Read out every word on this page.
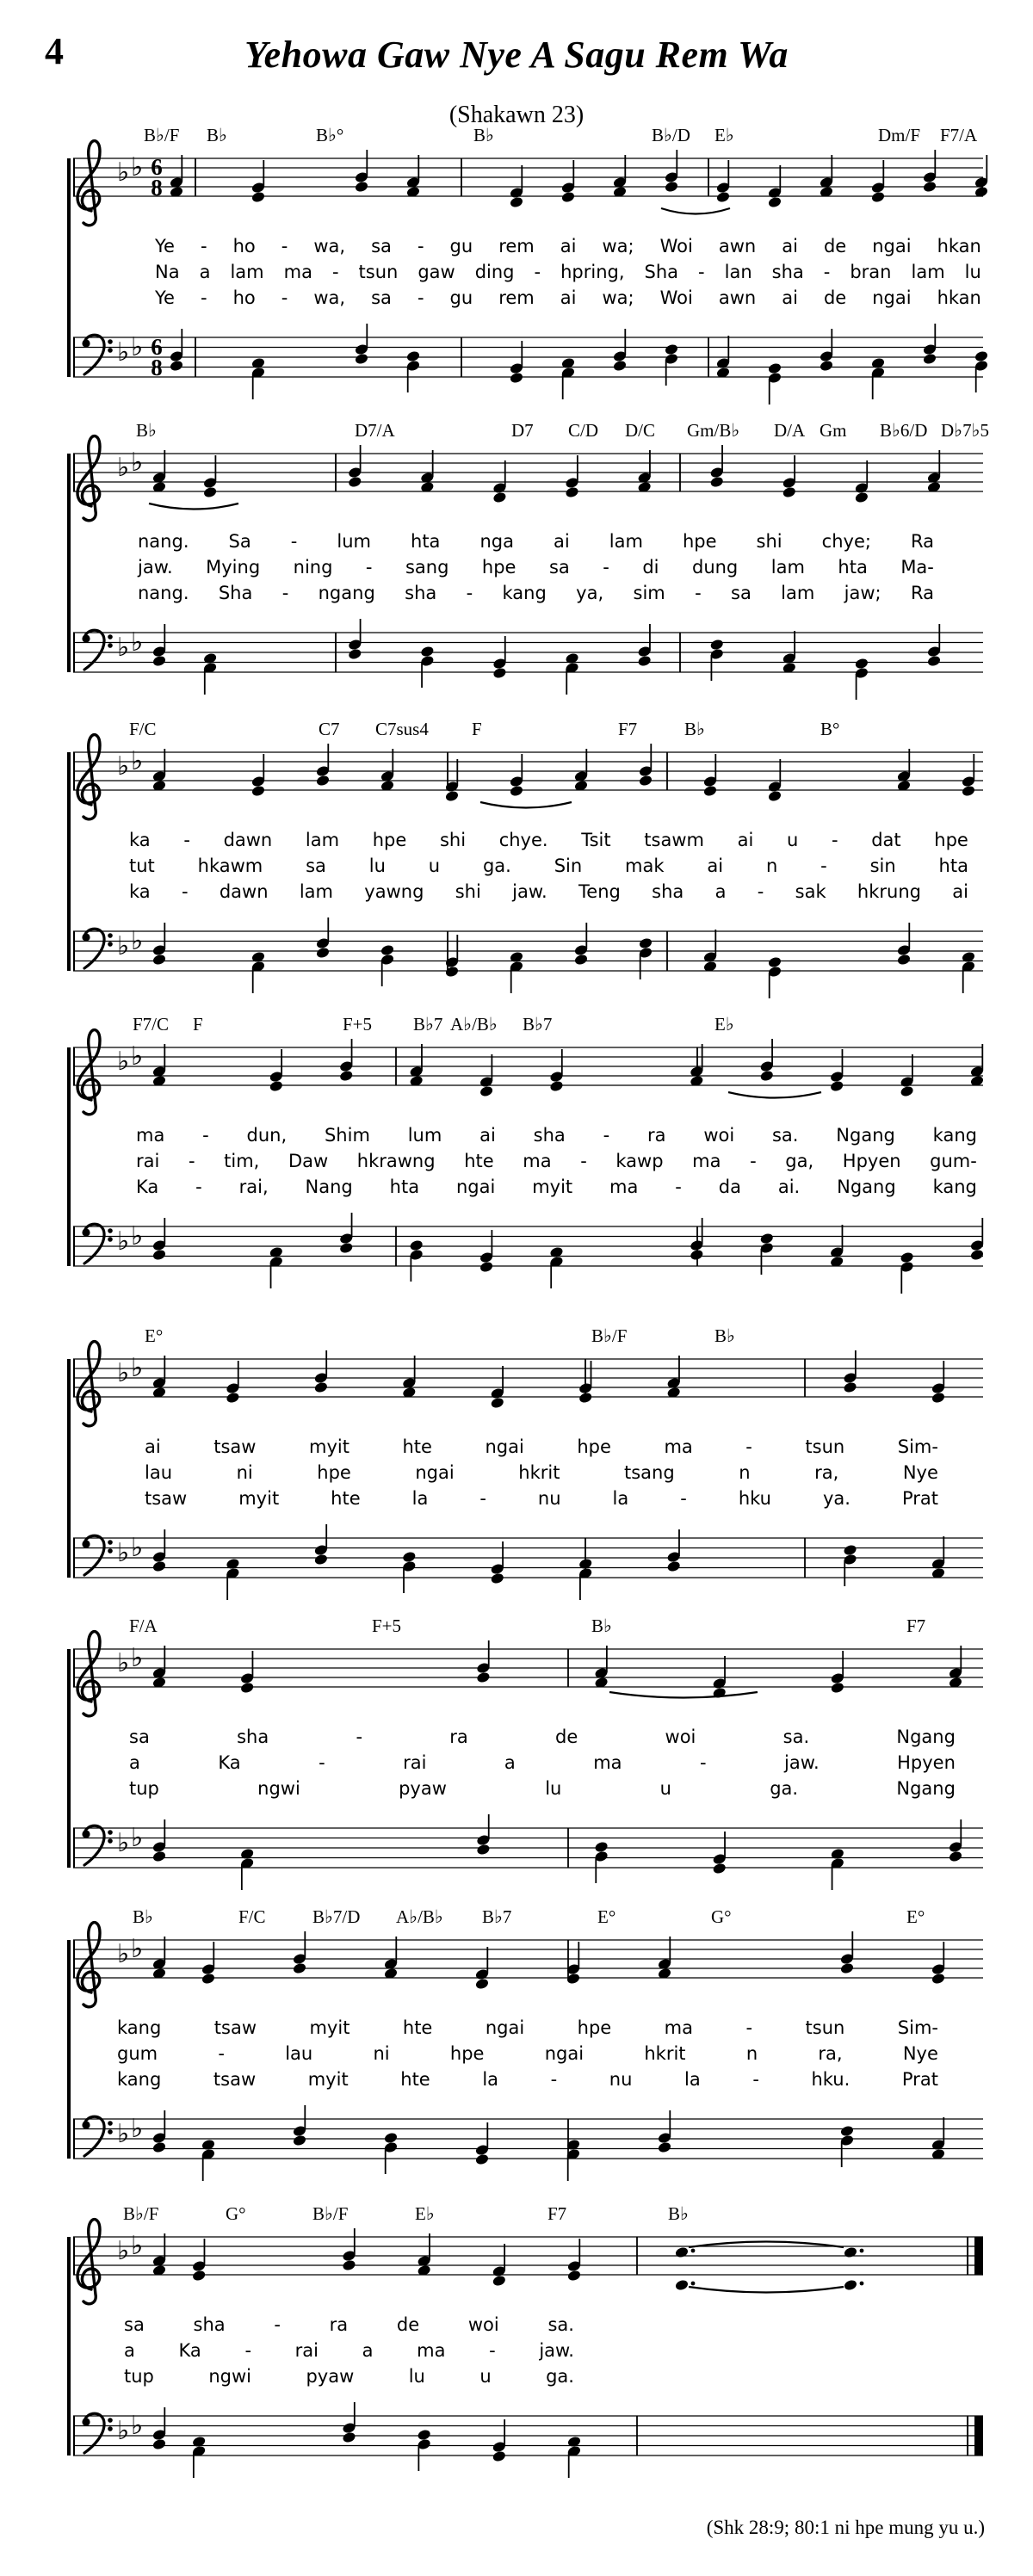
4	Yehowa Gaw Nye A Sagu Rem Wa
(Shakawn 23)
B♭/F B♭	B♭°	B♭	B♭/D E♭	Dm/F F7/A
♭ ♭ 6
8
♭ ♭ 6
8
Ye - ho - wa, sa - gu rem ai wa; Woi awn ai de ngai hkan
Na a lam ma - tsun gaw ding - hpring, Sha - lan sha - bran lam lu
Ye - ho - wa, sa - gu rem ai wa; Woi awn ai de ngai hkan
B♭	D7/A	D7 C/D D/C Gm/B♭ D/A Gm B♭6/D D♭7♭5
♭ ♭
♭ ♭
nang. Sa - lum hta nga ai lam hpe shi chye; Ra
jaw. Mying ning - sang hpe sa - di dung lam hta Ma-
nang. Sha - ngang sha - kang ya, sim - sa lam jaw; Ra
F/C	C7 C7sus4 F	F7	B♭	B°
♭ ♭
♭ ♭
ka - dawn lam hpe shi chye. Tsit tsawm ai u - dat hpe
tut hkawm sa lu u ga. Sin mak ai n - sin hta
ka - dawn lam yawng shi jaw. Teng sha a - sak hkrung ai
F7/C F	F+5 B♭7 A♭/B♭ B♭7	E♭
♭ ♭
♭ ♭
ma - dun, Shim lum ai sha - ra woi sa. Ngang kang
rai - tim, Daw hkrawng hte ma - kawp ma - ga, Hpyen gum-
Ka - rai, Nang hta ngai myit ma - da ai. Ngang kang
E°	B♭/F	B♭
♭ ♭
♭ ♭
ai	tsaw	myit	hte	ngai	hpe	ma	-	tsun	Sim-
lau	ni	hpe	ngai	hkrit	tsang	n	ra,	Nye
tsaw	myit	hte	la	-	nu	la	-	hku	ya.	Prat
F/A	F+5	B♭	F7
♭ ♭
♭ ♭
sa	sha	-	ra	de	woi	sa.	Ngang
a	Ka	-	rai	a	ma	-	jaw.	Hpyen
tup	ngwi	pyaw	lu	u	ga.	Ngang
B♭	F/C	B♭7/D A♭/B♭ B♭7	E°	G°	E°
♭ ♭
♭ ♭
kang	tsaw	myit	hte	ngai	hpe	ma	-	tsun	Sim-
gum	-	lau	ni	hpe	ngai	hkrit	n	ra,	Nye
kang	tsaw	myit	hte	la	-	nu	la	-	hku.	Prat
B♭/F	G°	B♭/F	E♭	F7	B♭
♭ ♭
♭ ♭
sa	sha	-	ra	de	woi	sa.
a Ka - rai a ma - jaw.
tup	ngwi	pyaw	lu	u	ga.
(Shk 28:9; 80:1 ni hpe mung yu u.)
